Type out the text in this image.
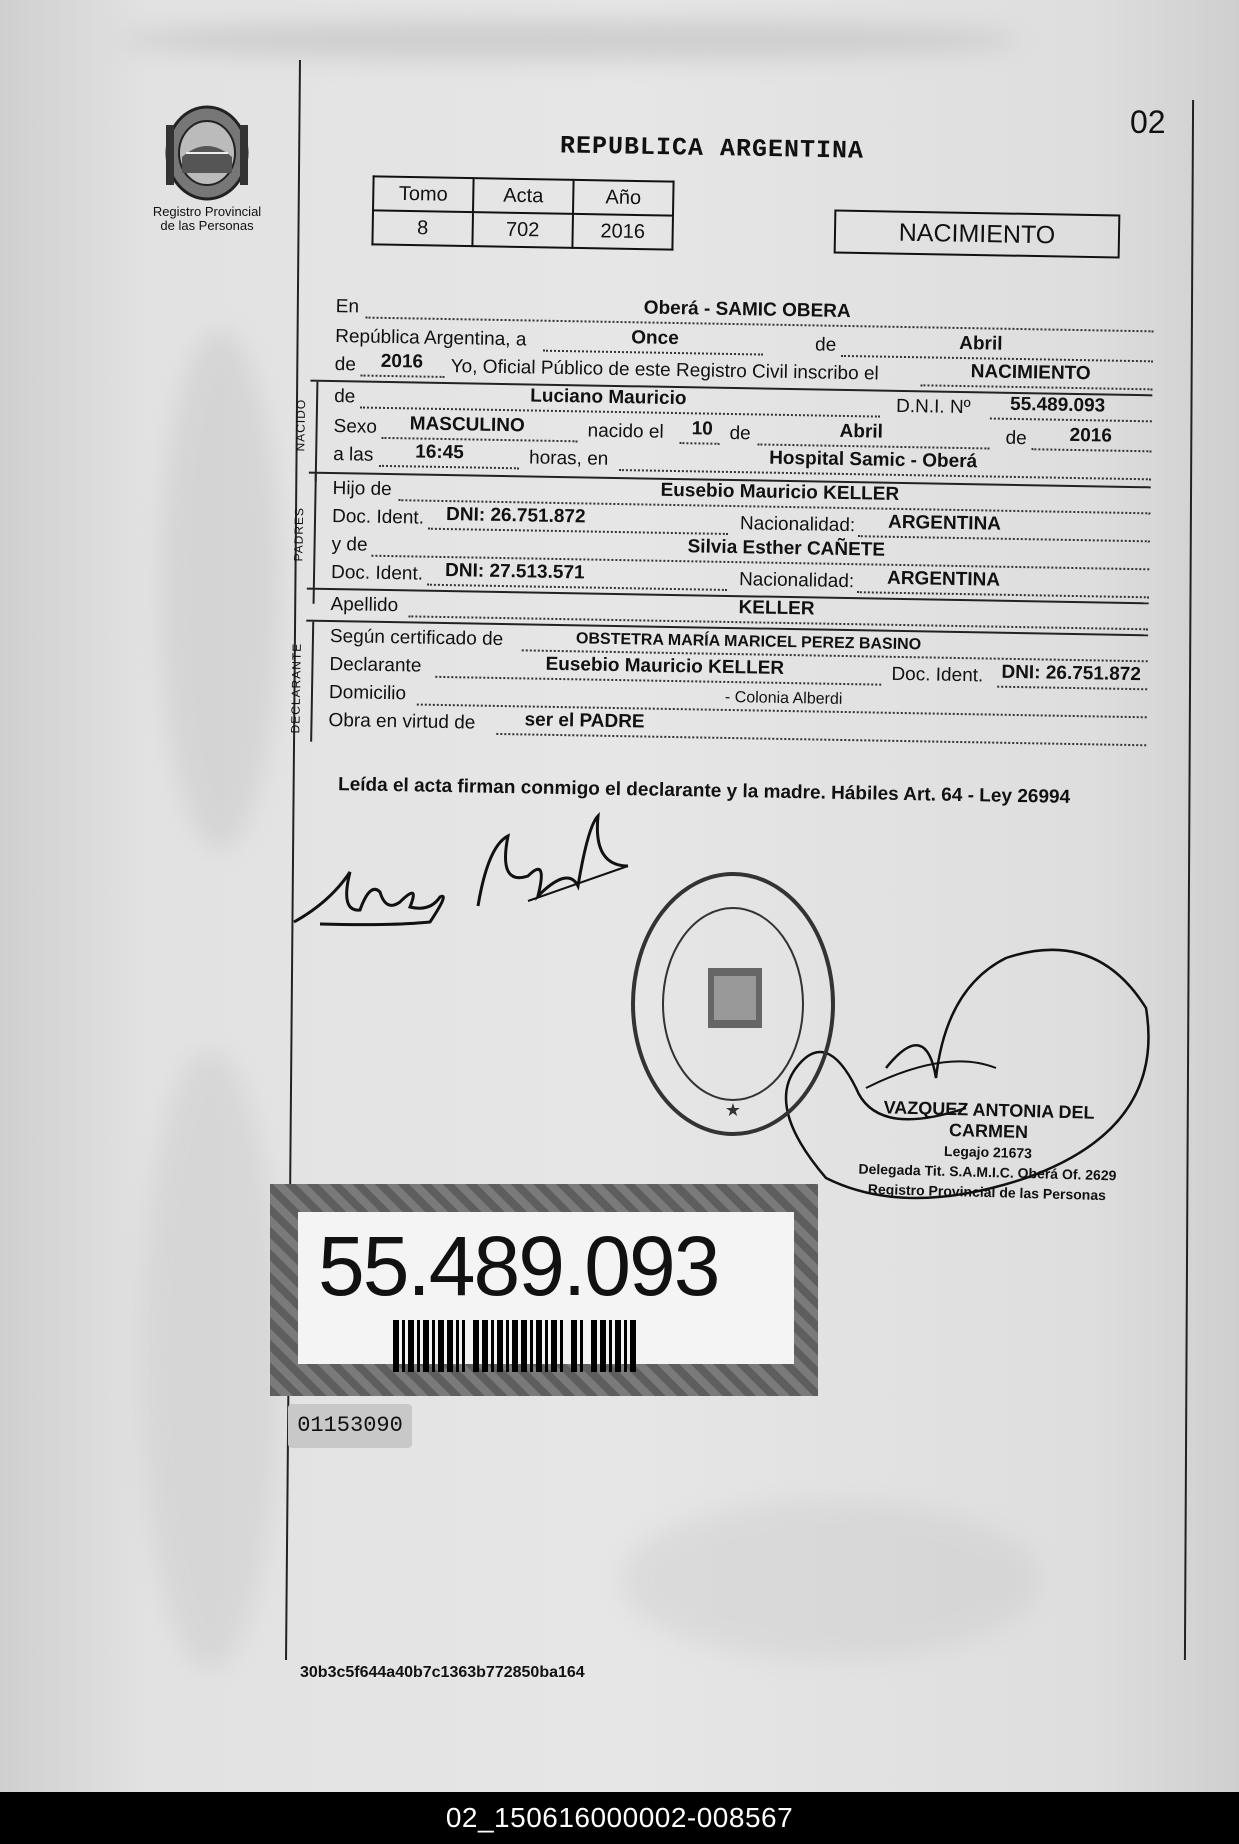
Registro Provincial
de las Personas
02
REPUBLICA ARGENTINA
Tomo	Acta	Año
8	702	2016	NACIMIENTO
En	Oberá - SAMIC OBERA
República Argentina, a	Once	de	Abril
de 2016 Yo, Oficial Público de este Registro Civil inscribo el	NACIMIENTO
NACIDO
de	Luciano Mauricio	D.N.I. Nº 55.489.093
Sexo MASCULINO	nacido el 10 de	Abril	de 2016
a las 16:45	horas, en	Hospital Samic - Oberá
PADRES
Hijo de	Eusebio Mauricio KELLER
Doc. Ident. DNI: 26.751.872	Nacionalidad: ARGENTINA
y de	Silvia Esther CAÑETE
Doc. Ident. DNI: 27.513.571	Nacionalidad: ARGENTINA
Apellido	KELLER
DECLARANTE
Según certificado de	OBSTETRA MARÍA MARICEL PEREZ BASINO
Declarante	Eusebio Mauricio KELLER	Doc. Ident. DNI: 26.751.872
Domicilio	- Colonia Alberdi
Obra en virtud de	ser el PADRE
Leída el acta firman conmigo el declarante y la madre. Hábiles Art. 64 - Ley 26994
★	VAZQUEZ ANTONIA DEL CARMEN
Legajo 21673
Delegada Tit. S.A.M.I.C. Oberá Of. 2629
Registro Provincial de las Personas
55.489.093
01153090
30b3c5f644a40b7c1363b772850ba164
02_150616000002-008567
